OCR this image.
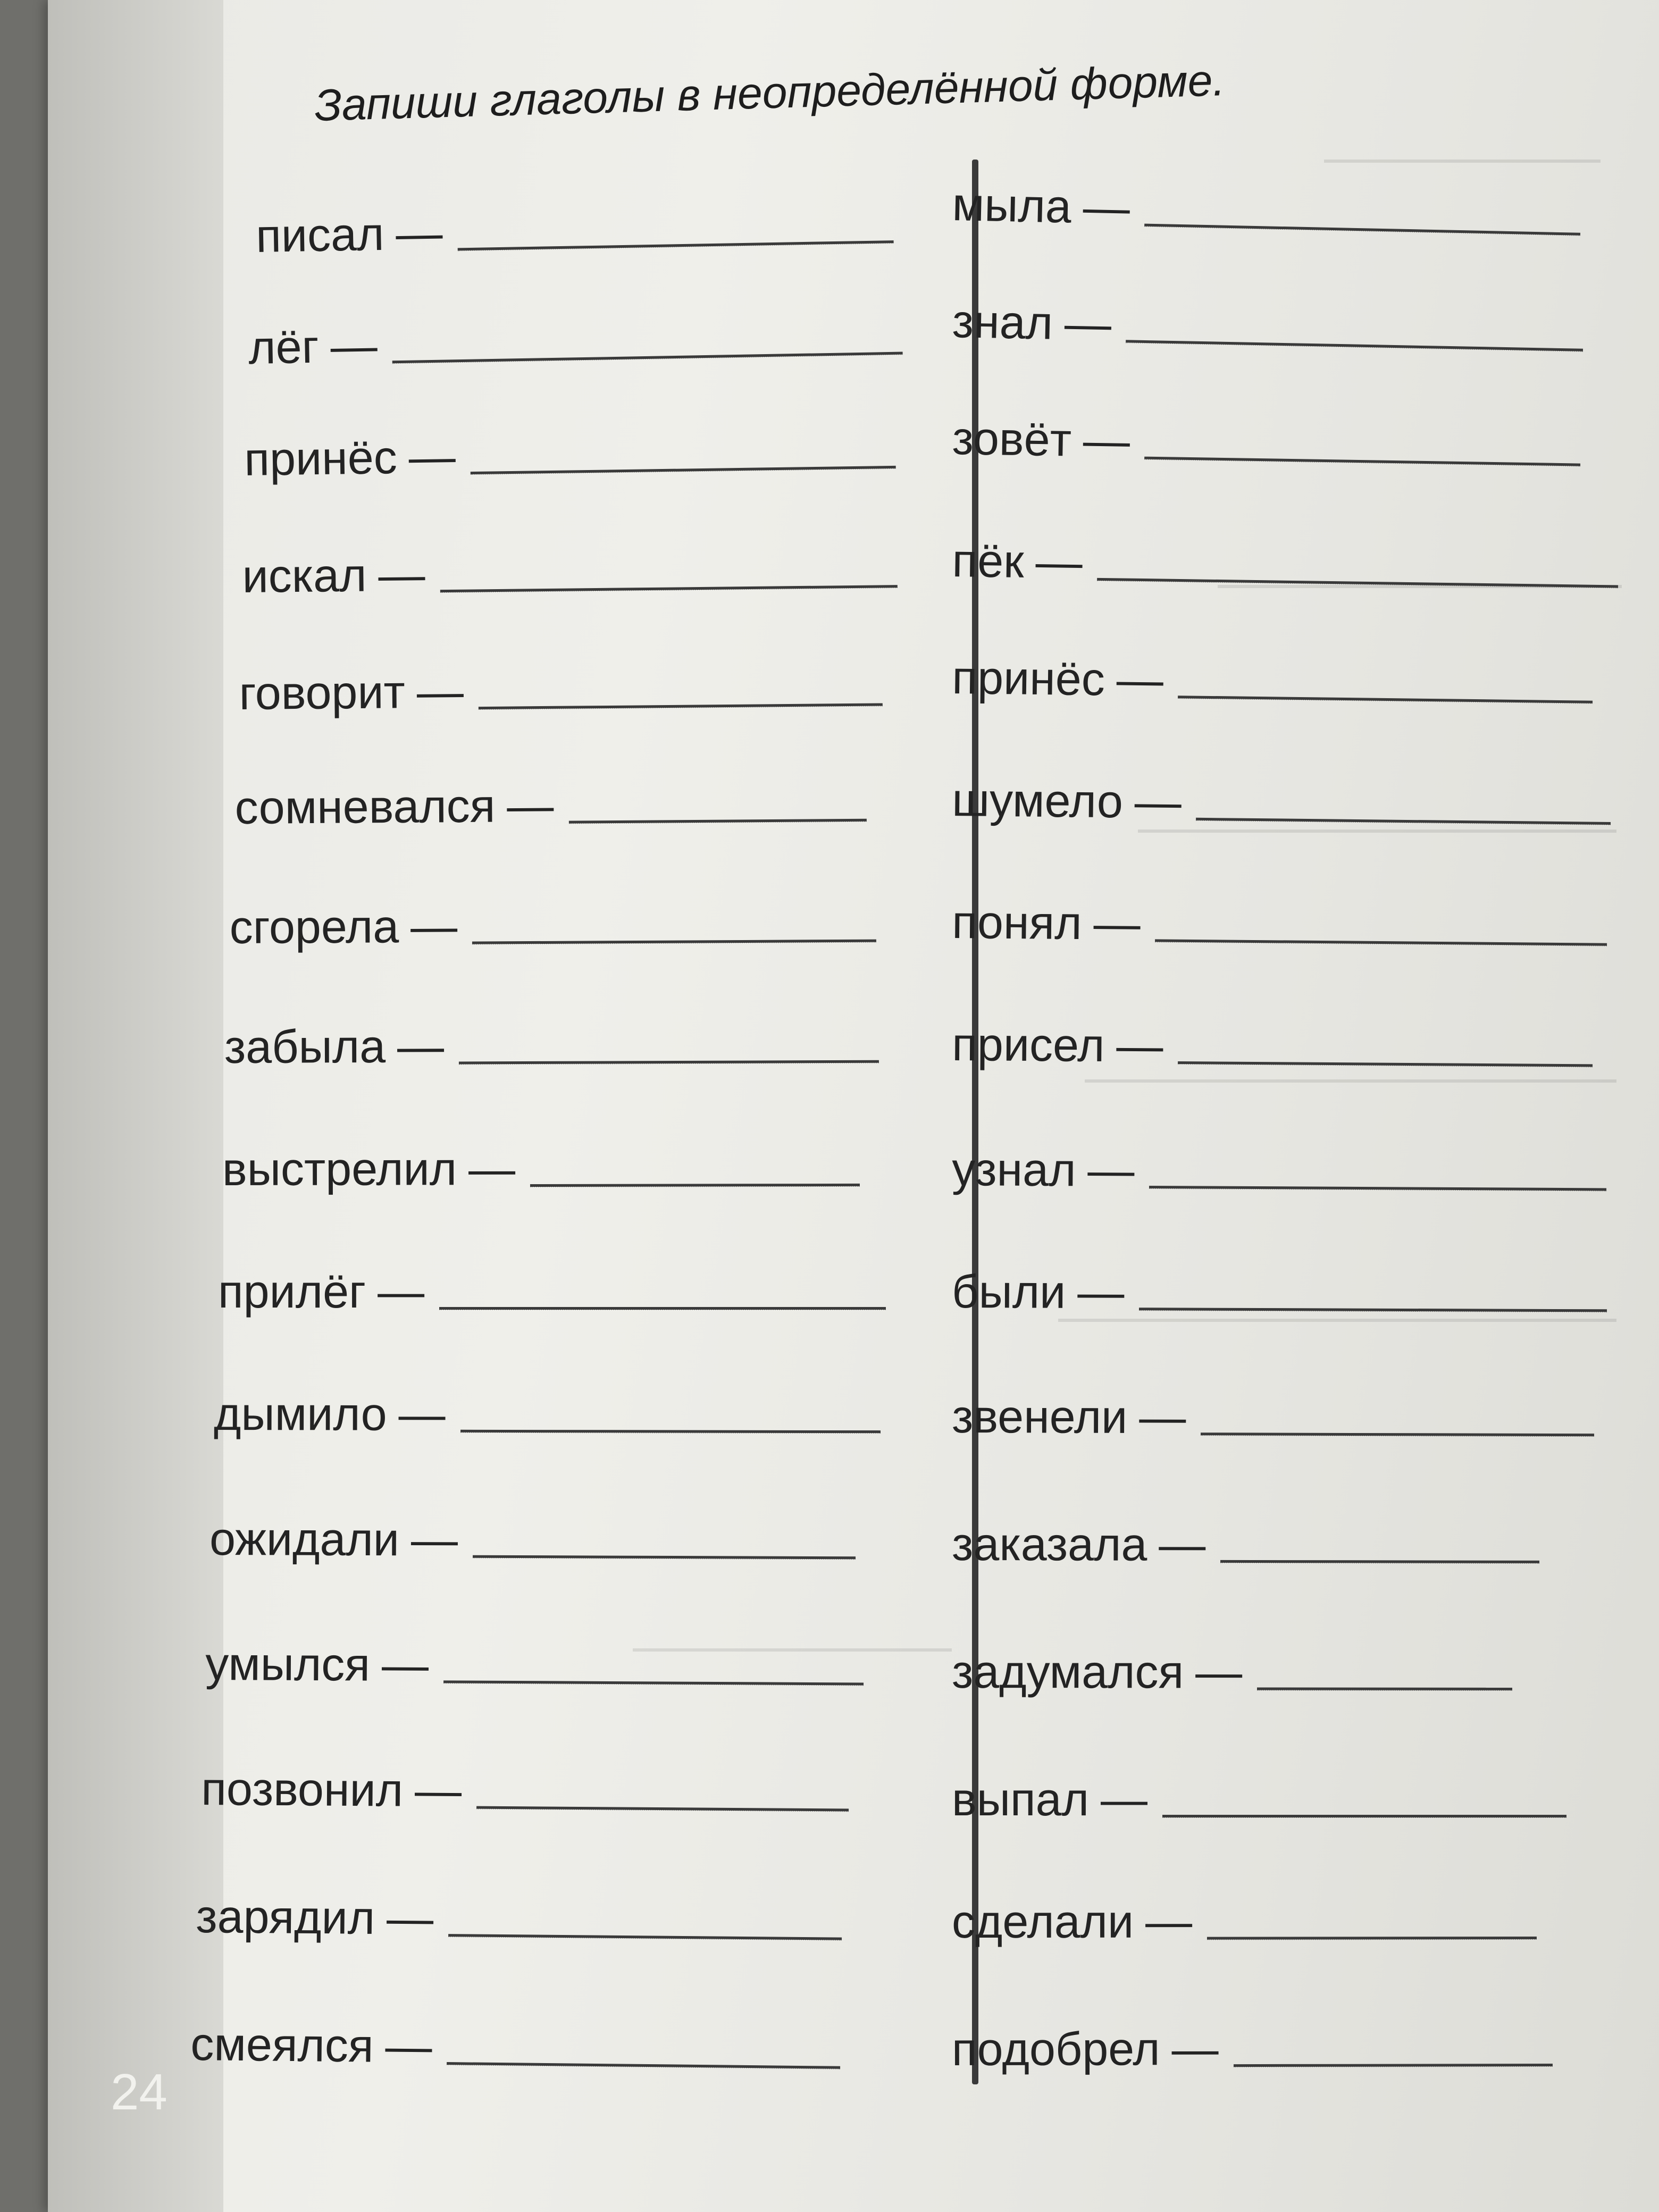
Запиши глаголы в неопределённой форме.
писал —
лёг —
принёс —
искал —
говорит —
сомневался —
сгорела —
забыла —
выстрелил —
прилёг —
дымило —
ожидали —
умылся —
позвонил —
зарядил —
смеялся —
мыла —
знал —
зовёт —
пёк —
принёс —
шумело —
понял —
присел —
узнал —
были —
звенели —
заказала —
задумался —
выпал —
сделали —
подобрел —
24
